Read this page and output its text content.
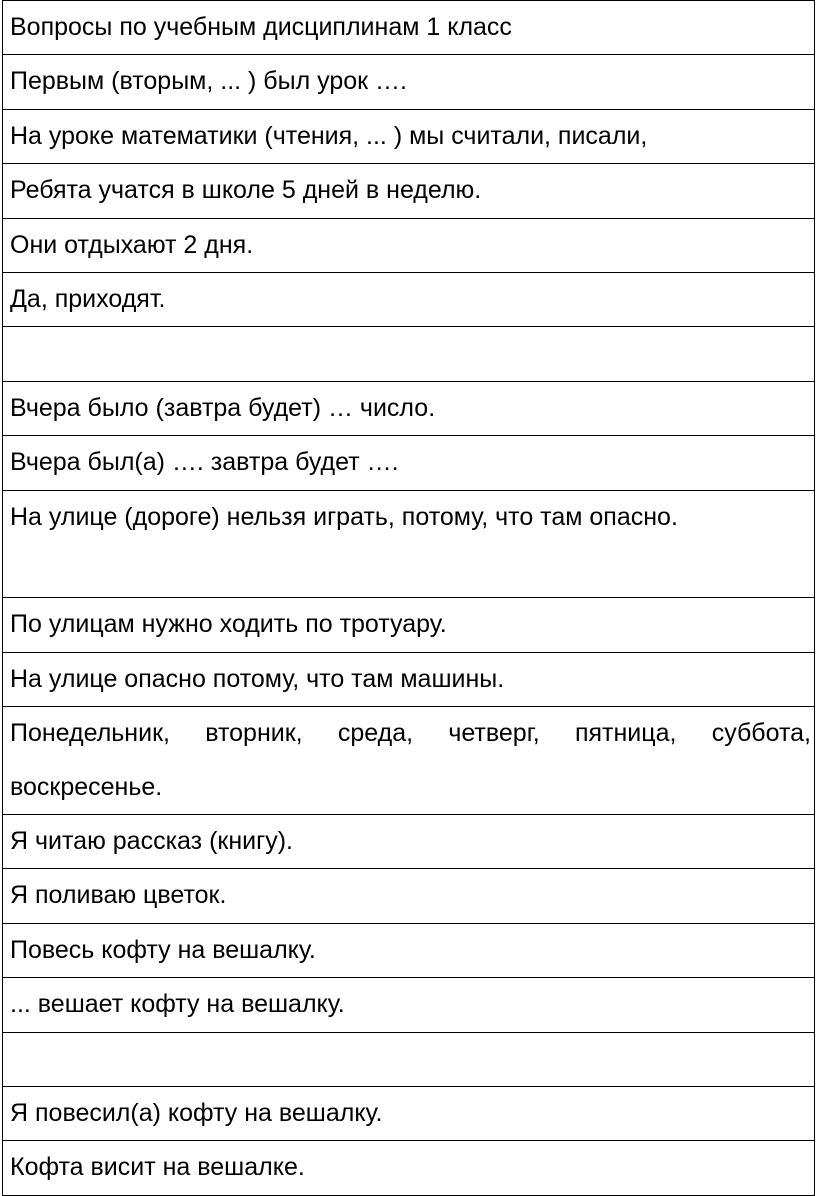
Вопросы по учебным дисциплинам 1 класс
Первым (вторым, ... ) был урок ….
На уроке математики (чтения, ... ) мы считали, писали,
Ребята учатся в школе 5 дней в неделю.
Они отдыхают 2 дня.
Да, приходят.

Вчера было (завтра будет) … число.
Вчера был(а) …. завтра будет ….
На улице (дороге) нельзя играть, потому, что там опасно.
По улицам нужно ходить по тротуару.
На улице опасно потому, что там машины.
Понедельник, вторник, среда, четверг, пятница, суббота, воскресенье.
Я читаю рассказ (книгу).
Я поливаю цветок.
Повесь кофту на вешалку.
... вешает кофту на вешалку.

Я повесил(а) кофту на вешалку.
Кофта висит на вешалке.
